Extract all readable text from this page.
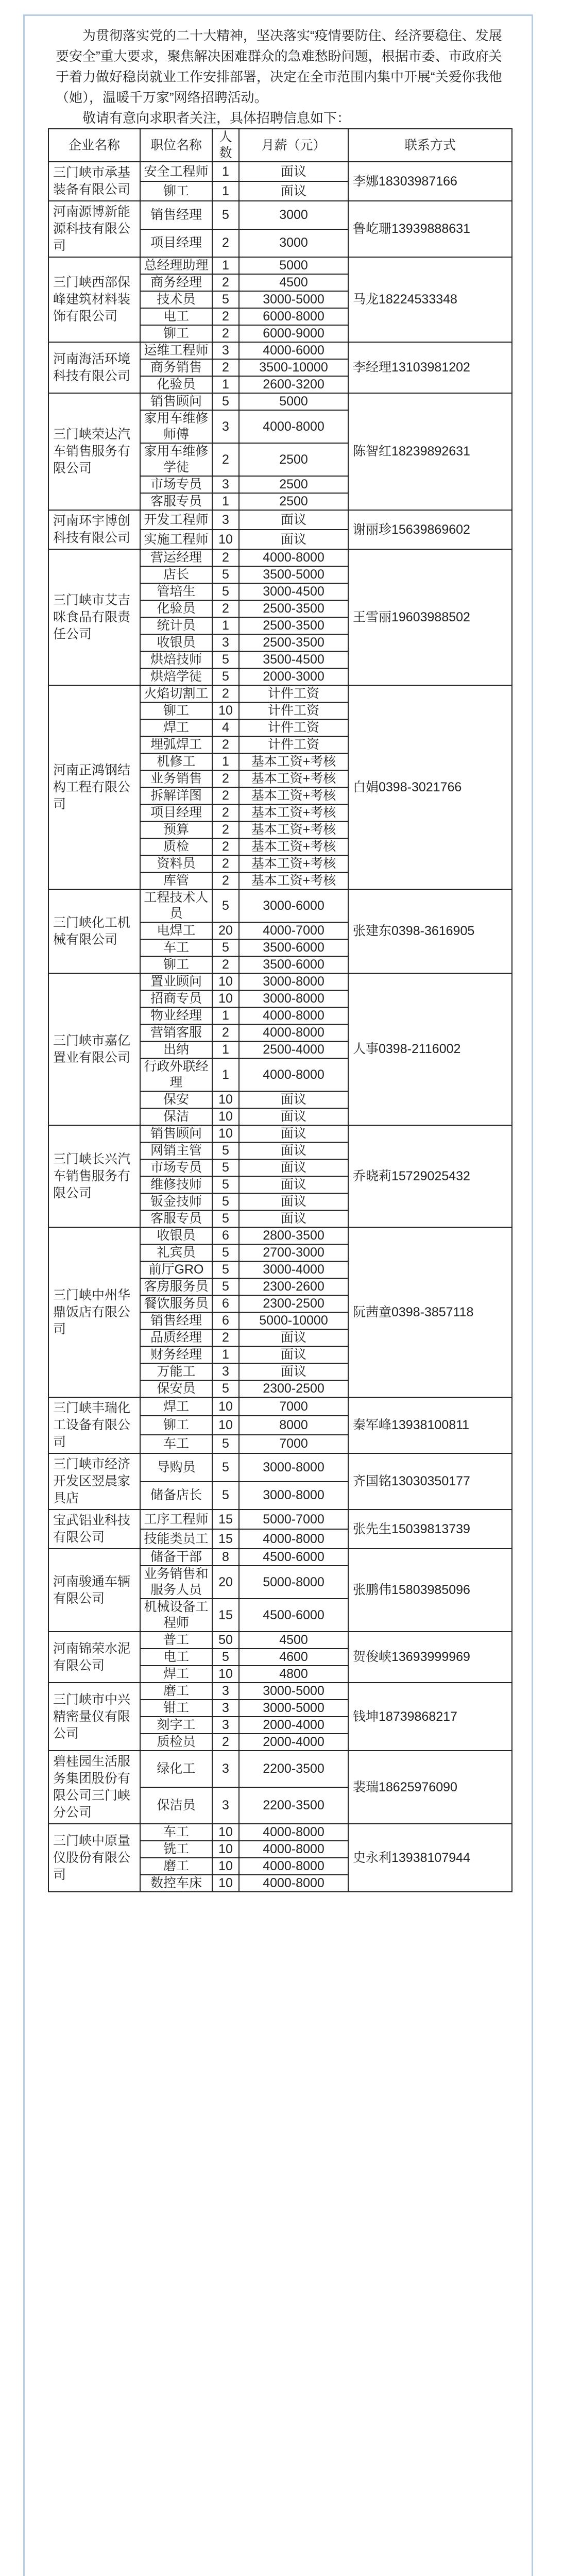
为贯彻落实党的二十大精神，坚决落实“疫情要防住、经济要稳住、发展要安全”重大要求，聚焦解决困难群众的急难愁盼问题，根据市委、市政府关于着力做好稳岗就业工作安排部署，决定在全市范围内集中开展“关爱你我他（她），温暖千万家”网络招聘活动。

敬请有意向求职者关注，具体招聘信息如下：

企业名称	职位名称	人数	月薪（元）	联系方式
三门峡市承基装备有限公司	安全工程师	1	面议	李娜18303987166
	铆工	1	面议	
河南源博新能源科技有限公司	销售经理	5	3000	鲁屹珊13939888631
	项目经理	2	3000	
三门峡西部保峰建筑材料装饰有限公司	总经理助理	1	5000	马龙18224533348
	商务经理	2	4500	
	技术员	5	3000-5000	
	电工	2	6000-8000	
	铆工	2	6000-9000	
河南海活环境科技有限公司	运维工程师	3	4000-6000	李经理13103981202
	商务销售	2	3500-10000	
	化验员	1	2600-3200	
三门峡荣达汽车销售服务有限公司	销售顾问	5	5000	陈智红18239892631
	家用车维修师傅	3	4000-8000	
	家用车维修学徒	2	2500	
	市场专员	3	2500	
	客服专员	1	2500	
河南环宇博创科技有限公司	开发工程师	3	面议	谢丽珍15639869602
	实施工程师	10	面议	
三门峡市艾吉咪食品有限责任公司	营运经理	2	4000-8000	王雪丽19603988502
	店长	5	3500-5000	
	管培生	5	3000-4500	
	化验员	2	2500-3500	
	统计员	1	2500-3500	
	收银员	3	2500-3500	
	烘焙技师	5	3500-4500	
	烘焙学徒	5	2000-3000	
河南正鸿钢结构工程有限公司	火焰切割工	2	计件工资	白娟0398-3021766
	铆工	10	计件工资	
	焊工	4	计件工资	
	埋弧焊工	2	计件工资	
	机修工	1	基本工资+考核	
	业务销售	2	基本工资+考核	
	拆解详图	2	基本工资+考核	
	项目经理	2	基本工资+考核	
	预算	2	基本工资+考核	
	质检	2	基本工资+考核	
	资料员	2	基本工资+考核	
	库管	2	基本工资+考核	
三门峡化工机械有限公司	工程技术人员	5	3000-6000	张建东0398-3616905
	电焊工	20	4000-7000	
	车工	5	3500-6000	
	铆工	2	3500-6000	
三门峡市嘉亿置业有限公司	置业顾问	10	3000-8000	人事0398-2116002
	招商专员	10	3000-8000	
	物业经理	1	4000-8000	
	营销客服	2	4000-8000	
	出纳	1	2500-4000	
	行政外联经理	1	4000-8000	
	保安	10	面议	
	保洁	10	面议	
三门峡长兴汽车销售服务有限公司	销售顾问	10	面议	乔晓莉15729025432
	网销主管	5	面议	
	市场专员	5	面议	
	维修技师	5	面议	
	钣金技师	5	面议	
	客服专员	5	面议	
三门峡中州华鼎饭店有限公司	收银员	6	2800-3500	阮茜童0398-3857118
	礼宾员	5	2700-3000	
	前厅GRO	5	3000-4000	
	客房服务员	5	2300-2600	
	餐饮服务员	6	2300-2500	
	销售经理	6	5000-10000	
	品质经理	2	面议	
	财务经理	1	面议	
	万能工	3	面议	
	保安员	5	2300-2500	
三门峡丰瑞化工设备有限公司	焊工	10	7000	秦军峰13938100811
	铆工	10	8000	
	车工	5	7000	
三门峡市经济开发区翌晨家具店	导购员	5	3000-8000	齐国铭13030350177
	储备店长	5	3000-8000	
宝武铝业科技有限公司	工序工程师	15	5000-7000	张先生15039813739
	技能类员工	15	4000-8000	
河南骏通车辆有限公司	储备干部	8	4500-6000	张鹏伟15803985096
	业务销售和服务人员	20	5000-8000	
	机械设备工程师	15	4500-6000	
河南锦荣水泥有限公司	普工	50	4500	贺俊峡13693999969
	电工	5	4600	
	焊工	10	4800	
三门峡市中兴精密量仪有限公司	磨工	3	3000-5000	钱坤18739868217
	钳工	3	3000-5000	
	刻字工	3	2000-4000	
	质检员	2	2000-4000	
碧桂园生活服务集团股份有限公司三门峡分公司	绿化工	3	2200-3500	裴瑞18625976090
	保洁员	3	2200-3500	
三门峡中原量仪股份有限公司	车工	10	4000-8000	史永利13938107944
	铣工	10	4000-8000	
	磨工	10	4000-8000	
	数控车床	10	4000-8000	
